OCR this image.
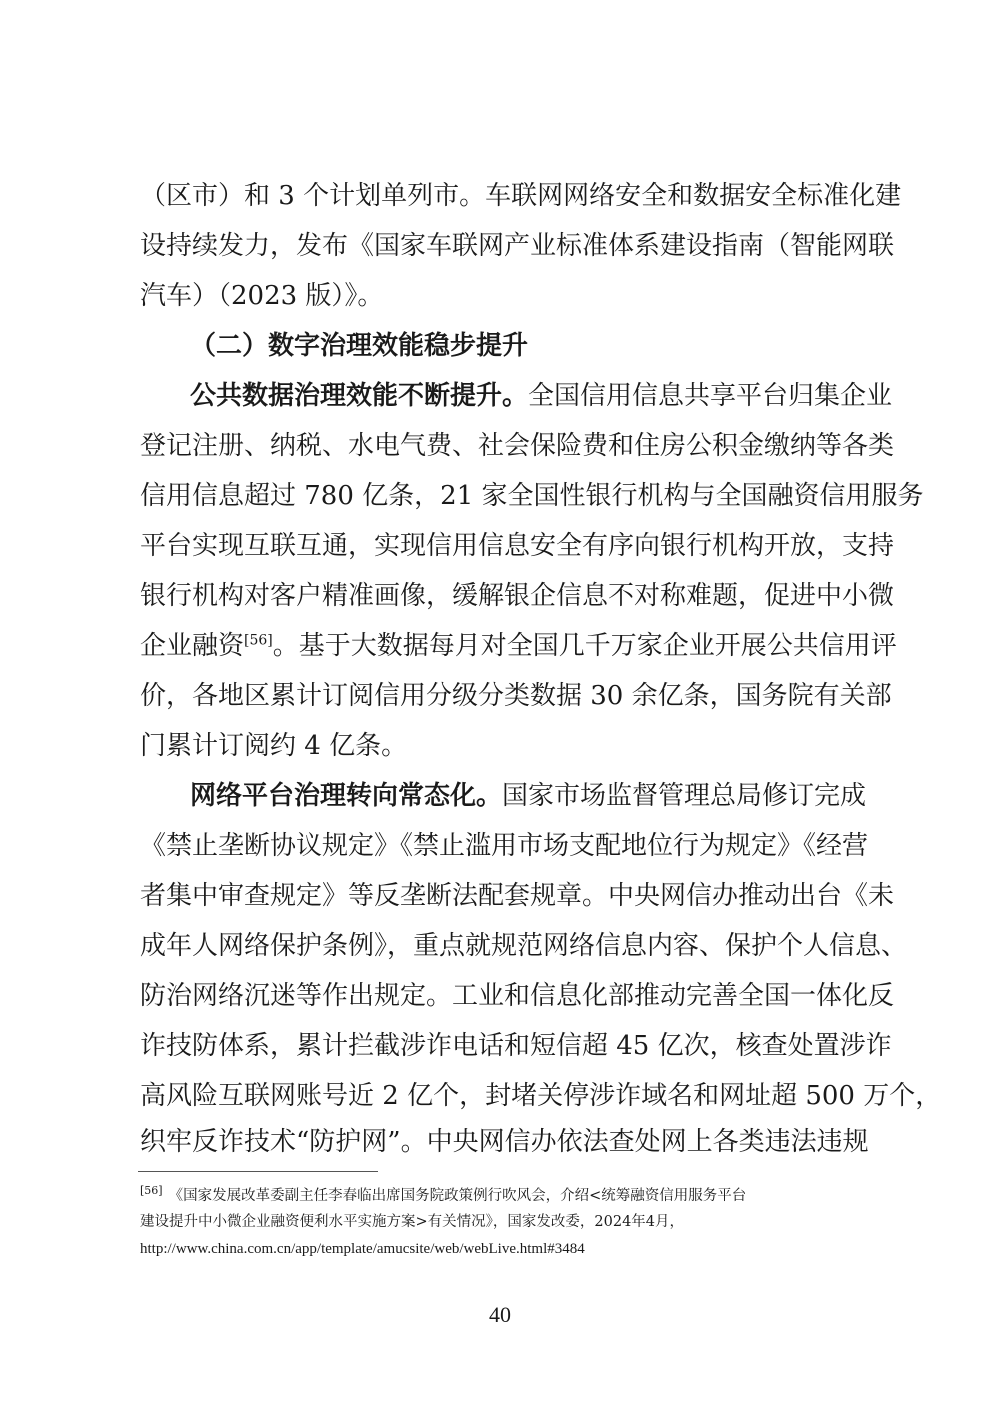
（区市）和 3 个计划单列市。车联网网络安全和数据安全标准化建
设持续发力，发布《国家车联网产业标准体系建设指南（智能网联
汽车）（2023 版）》。
（二）数字治理效能稳步提升
公共数据治理效能不断提升。全国信用信息共享平台归集企业
登记注册、纳税、水电气费、社会保险费和住房公积金缴纳等各类
信用信息超过 780 亿条，21 家全国性银行机构与全国融资信用服务
平台实现互联互通，实现信用信息安全有序向银行机构开放，支持
银行机构对客户精准画像，缓解银企信息不对称难题，促进中小微
企业融资[56]。基于大数据每月对全国几千万家企业开展公共信用评
价，各地区累计订阅信用分级分类数据 30 余亿条，国务院有关部
门累计订阅约 4 亿条。
网络平台治理转向常态化。国家市场监督管理总局修订完成
《禁止垄断协议规定》《禁止滥用市场支配地位行为规定》《经营
者集中审查规定》等反垄断法配套规章。中央网信办推动出台《未
成年人网络保护条例》，重点就规范网络信息内容、保护个人信息、
防治网络沉迷等作出规定。工业和信息化部推动完善全国一体化反
诈技防体系，累计拦截涉诈电话和短信超 45 亿次，核查处置涉诈
高风险互联网账号近 2 亿个，封堵关停涉诈域名和网址超 500 万个，
织牢反诈技术“防护网”。中央网信办依法查处网上各类违法违规
[56] 《国家发展改革委副主任李春临出席国务院政策例行吹风会，介绍<统筹融资信用服务平台
建设提升中小微企业融资便利水平实施方案>有关情况》，国家发改委，2024年4月，
http://www.china.com.cn/app/template/amucsite/web/webLive.html#3484
40
